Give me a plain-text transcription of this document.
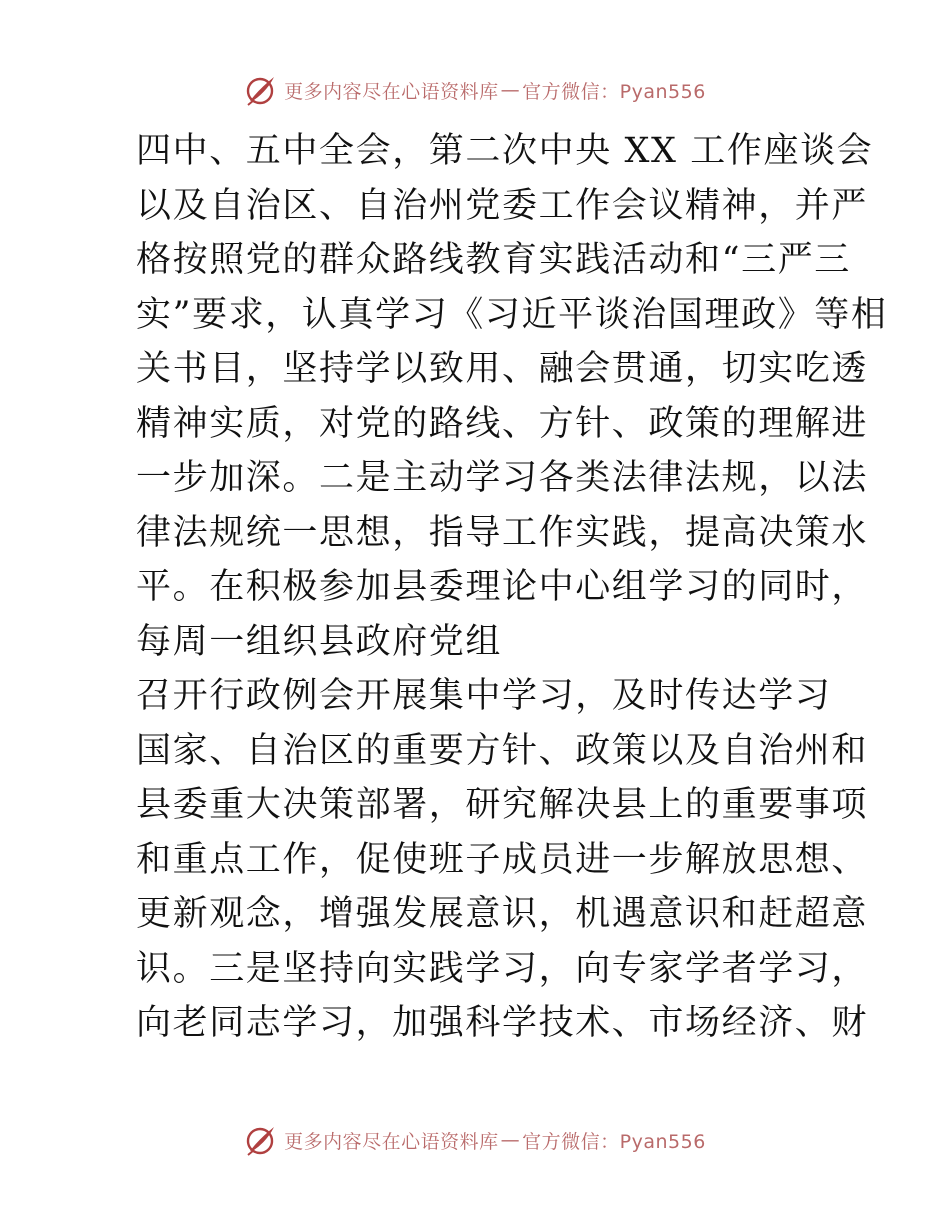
更多内容尽在心语资料库 — 官方微信：Pyan556
四中、五中全会，第二次中央 XX 工作座谈会
以及自治区、自治州党委工作会议精神，并严
格按照党的群众路线教育实践活动和“三严三
实”要求，认真学习《习近平谈治国理政》等相
关书目，坚持学以致用、融会贯通，切实吃透
精神实质，对党的路线、方针、政策的理解进
一步加深。二是主动学习各类法律法规，以法
律法规统一思想，指导工作实践，提高决策水
平。在积极参加县委理论中心组学习的同时，
每周一组织县政府党组
召开行政例会开展集中学习，及时传达学习
国家、自治区的重要方针、政策以及自治州和
县委重大决策部署，研究解决县上的重要事项
和重点工作，促使班子成员进一步解放思想、
更新观念，增强发展意识，机遇意识和赶超意
识。三是坚持向实践学习，向专家学者学习，
向老同志学习，加强科学技术、市场经济、财
更多内容尽在心语资料库 — 官方微信：Pyan556
